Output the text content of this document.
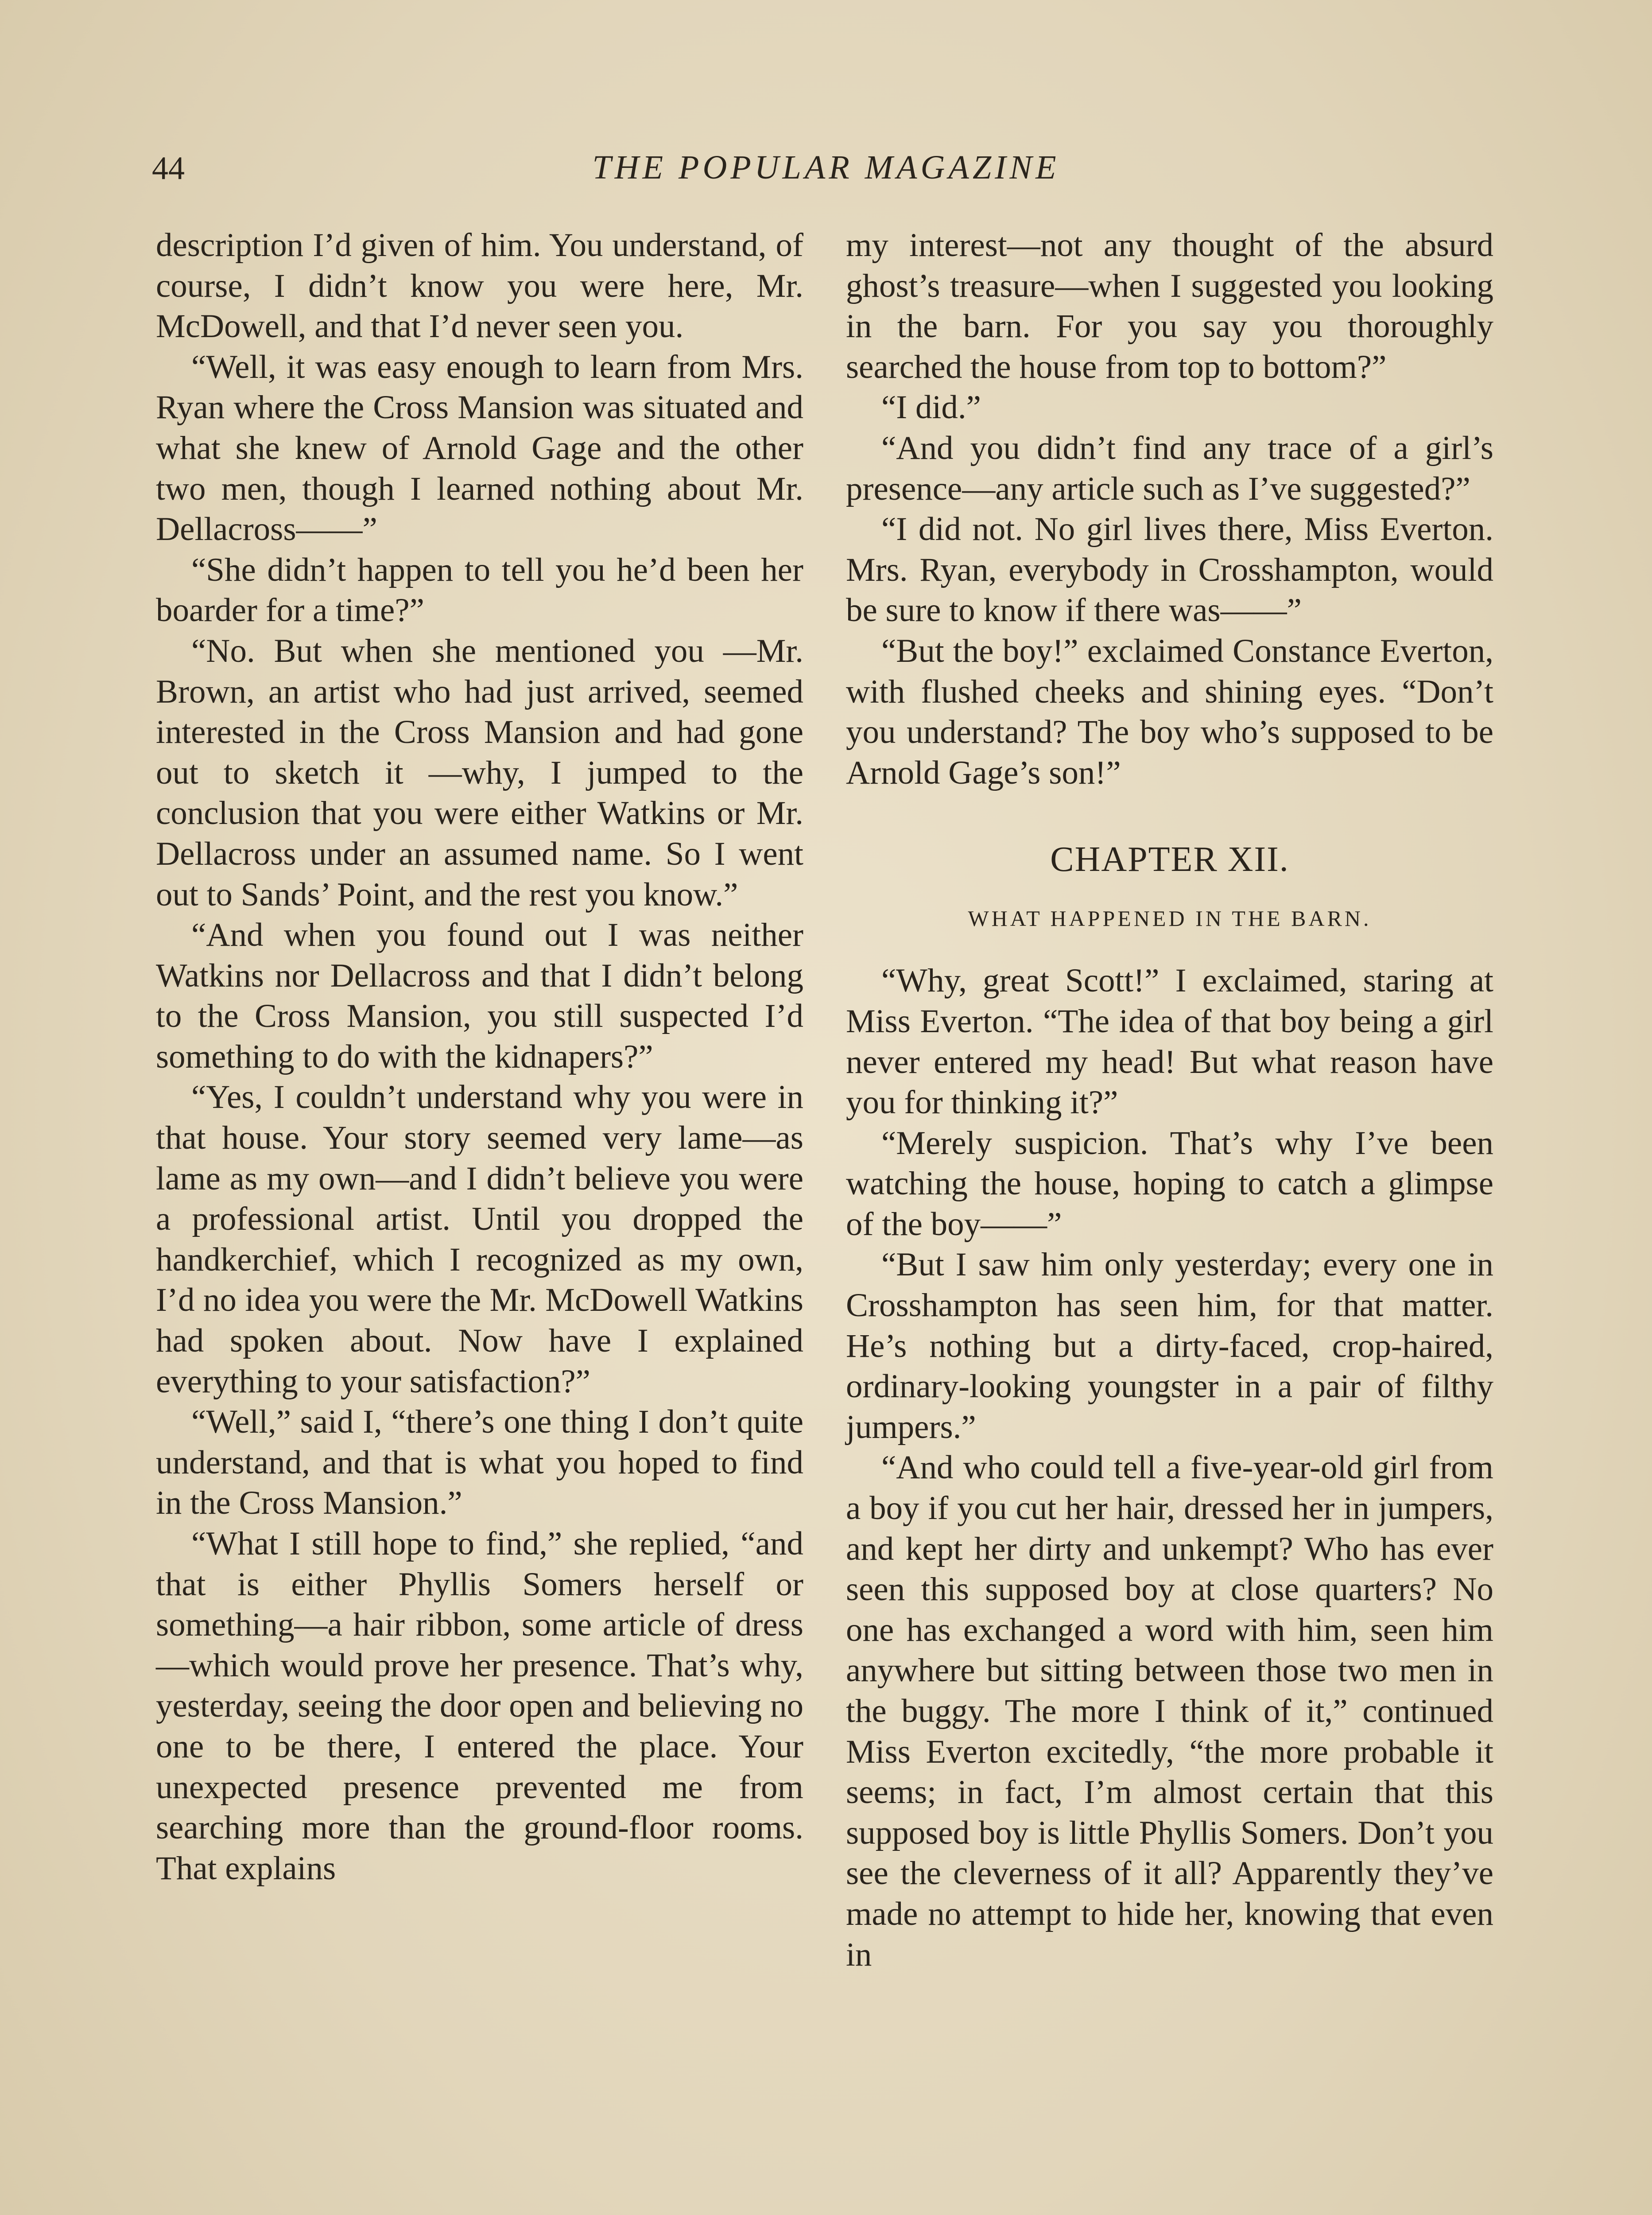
44	THE POPULAR MAGAZINE

description I’d given of him. You understand, of course, I didn’t know you were here, Mr. McDowell, and that I’d never seen you.

“Well, it was easy enough to learn from Mrs. Ryan where the Cross Mansion was situated and what she knew of Arnold Gage and the other two men, though I learned nothing about Mr. Dellacross——”

“She didn’t happen to tell you he’d been her boarder for a time?”

“No. But when she mentioned you —Mr. Brown, an artist who had just arrived, seemed interested in the Cross Mansion and had gone out to sketch it —why, I jumped to the conclusion that you were either Watkins or Mr. Dellacross under an assumed name. So I went out to Sands’ Point, and the rest you know.”

“And when you found out I was neither Watkins nor Dellacross and that I didn’t belong to the Cross Mansion, you still suspected I’d something to do with the kidnapers?”

“Yes, I couldn’t understand why you were in that house. Your story seemed very lame—as lame as my own—and I didn’t believe you were a professional artist. Until you dropped the handkerchief, which I recognized as my own, I’d no idea you were the Mr. McDowell Watkins had spoken about. Now have I explained everything to your satisfaction?”

“Well,” said I, “there’s one thing I don’t quite understand, and that is what you hoped to find in the Cross Mansion.”

“What I still hope to find,” she replied, “and that is either Phyllis Somers herself or something—a hair ribbon, some article of dress—which would prove her presence. That’s why, yesterday, seeing the door open and believing no one to be there, I entered the place. Your unexpected presence prevented me from searching more than the ground-floor rooms. That explains

my interest—not any thought of the absurd ghost’s treasure—when I suggested you looking in the barn. For you say you thoroughly searched the house from top to bottom?”

“I did.”

“And you didn’t find any trace of a girl’s presence—any article such as I’ve suggested?”

“I did not. No girl lives there, Miss Everton. Mrs. Ryan, everybody in Crosshampton, would be sure to know if there was——”

“But the boy!” exclaimed Constance Everton, with flushed cheeks and shining eyes. “Don’t you understand? The boy who’s supposed to be Arnold Gage’s son!”

CHAPTER XII.
WHAT HAPPENED IN THE BARN.

“Why, great Scott!” I exclaimed, staring at Miss Everton. “The idea of that boy being a girl never entered my head! But what reason have you for thinking it?”

“Merely suspicion. That’s why I’ve been watching the house, hoping to catch a glimpse of the boy——”

“But I saw him only yesterday; every one in Crosshampton has seen him, for that matter. He’s nothing but a dirty-faced, crop-haired, ordinary-looking youngster in a pair of filthy jumpers.”

“And who could tell a five-year-old girl from a boy if you cut her hair, dressed her in jumpers, and kept her dirty and unkempt? Who has ever seen this supposed boy at close quarters? No one has exchanged a word with him, seen him anywhere but sitting between those two men in the buggy. The more I think of it,” continued Miss Everton excitedly, “the more probable it seems; in fact, I’m almost certain that this supposed boy is little Phyllis Somers. Don’t you see the cleverness of it all? Apparently they’ve made no attempt to hide her, knowing that even in
